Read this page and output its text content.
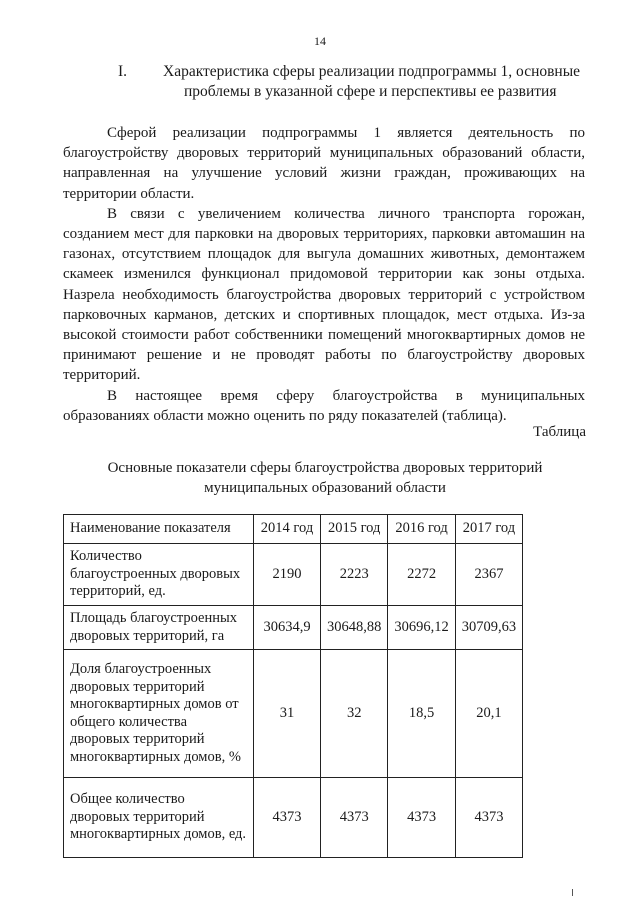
14
I. Характеристика сферы реализации подпрограммы 1, основные
проблемы в указанной сфере и перспективы ее развития

Сферой реализации подпрограммы 1 является деятельность по благоустройству дворовых территорий муниципальных образований области, направленная на улучшение условий жизни граждан, проживающих на территории области.

В связи с увеличением количества личного транспорта горожан, созданием мест для парковки на дворовых территориях, парковки автомашин на газонах, отсутствием площадок для выгула домашних животных, демонтажем скамеек изменился функционал придомовой территории как зоны отдыха. Назрела необходимость благоустройства дворовых территорий с устройством парковочных карманов, детских и спортивных площадок, мест отдыха. Из-за высокой стоимости работ собственники помещений многоквартирных домов не принимают решение и не проводят работы по благоустройству дворовых территорий.

В настоящее время сферу благоустройства в муниципальных образованиях области можно оценить по ряду показателей (таблица).

Таблица
Основные показатели сферы благоустройства дворовых территорий
муниципальных образований области
Наименование показателя	2014 год	2015 год	2016 год	2017 год
Количество благоустроенных дворовых территорий, ед.	2190	2223	2272	2367
Площадь благоустроенных дворовых территорий, га	30634,9	30648,88	30696,12	30709,63
Доля благоустроенных дворовых территорий многоквартирных домов от общего количества дворовых территорий многоквартирных домов, %	31	32	18,5	20,1
Общее количество дворовых территорий многоквартирных домов, ед.	4373	4373	4373	4373
